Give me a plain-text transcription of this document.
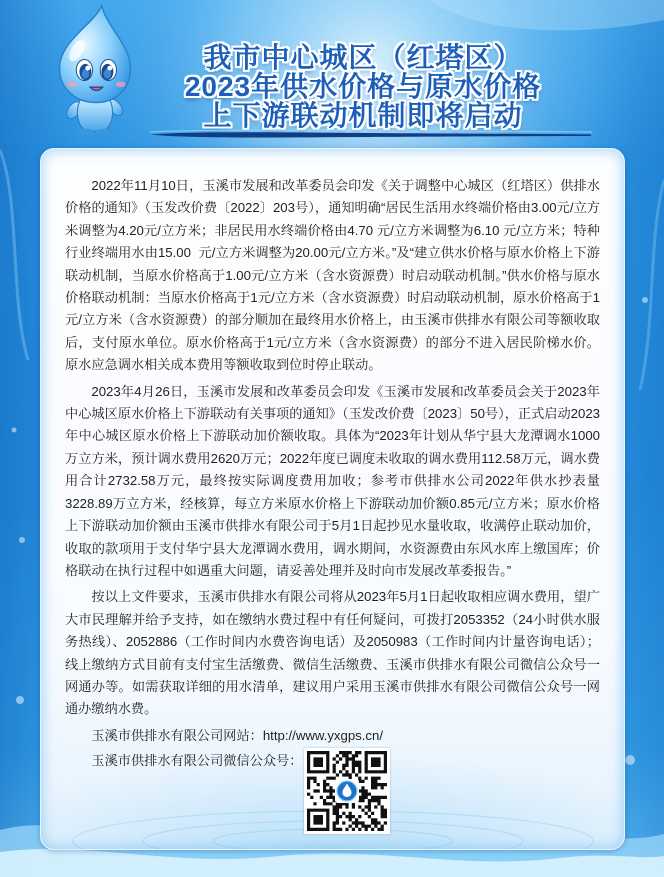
我市中心城区（红塔区）
2023年供水价格与原水价格
上下游联动机制即将启动

2022年11月10日，玉溪市发展和改革委员会印发《关于调整中心城区（红塔区）供排水价格的通知》（玉发改价费〔2022〕203号），通知明确“居民生活用水终端价格由3.00元/立方米调整为4.20元/立方米；非居民用水终端价格由4.70 元/立方米调整为6.10 元/立方米；特种行业终端用水由15.00  元/立方米调整为20.00元/立方米。”及“建立供水价格与原水价格上下游联动机制，当原水价格高于1.00元/立方米（含水资源费）时启动联动机制。”供水价格与原水价格联动机制：当原水价格高于1元/立方米（含水资源费）时启动联动机制，原水价格高于1元/立方米（含水资源费）的部分顺加在最终用水价格上，由玉溪市供排水有限公司等额收取后，支付原水单位。原水价格高于1元/立方米（含水资源费）的部分不进入居民阶梯水价。原水应急调水相关成本费用等额收取到位时停止联动。

2023年4月26日，玉溪市发展和改革委员会印发《玉溪市发展和改革委员会关于2023年中心城区原水价格上下游联动有关事项的通知》（玉发改价费〔2023〕50号），正式启动2023年中心城区原水价格上下游联动加价额收取。具体为“2023年计划从华宁县大龙潭调水1000万立方米，预计调水费用2620万元；2022年度已调度未收取的调水费用112.58万元，调水费用合计2732.58万元，最终按实际调度费用加收；参考市供排水公司2022年供水抄表量3228.89万立方米，经核算，每立方米原水价格上下游联动加价额0.85元/立方米；原水价格上下游联动加价额由玉溪市供排水有限公司于5月1日起抄见水量收取，收满停止联动加价，收取的款项用于支付华宁县大龙潭调水费用，调水期间，水资源费由东风水库上缴国库；价格联动在执行过程中如遇重大问题，请妥善处理并及时向市发展改革委报告。”

按以上文件要求，玉溪市供排水有限公司将从2023年5月1日起收取相应调水费用，望广大市民理解并给予支持，如在缴纳水费过程中有任何疑问，可拨打2053352（24小时供水服务热线）、2052886（工作时间内水费咨询电话）及2050983（工作时间内计量咨询电话）；线上缴纳方式目前有支付宝生活缴费、微信生活缴费、玉溪市供排水有限公司微信公众号一网通办等。如需获取详细的用水清单，建议用户采用玉溪市供排水有限公司微信公众号一网通办缴纳水费。

玉溪市供排水有限公司网站：http://www.yxgps.cn/
玉溪市供排水有限公司微信公众号：
